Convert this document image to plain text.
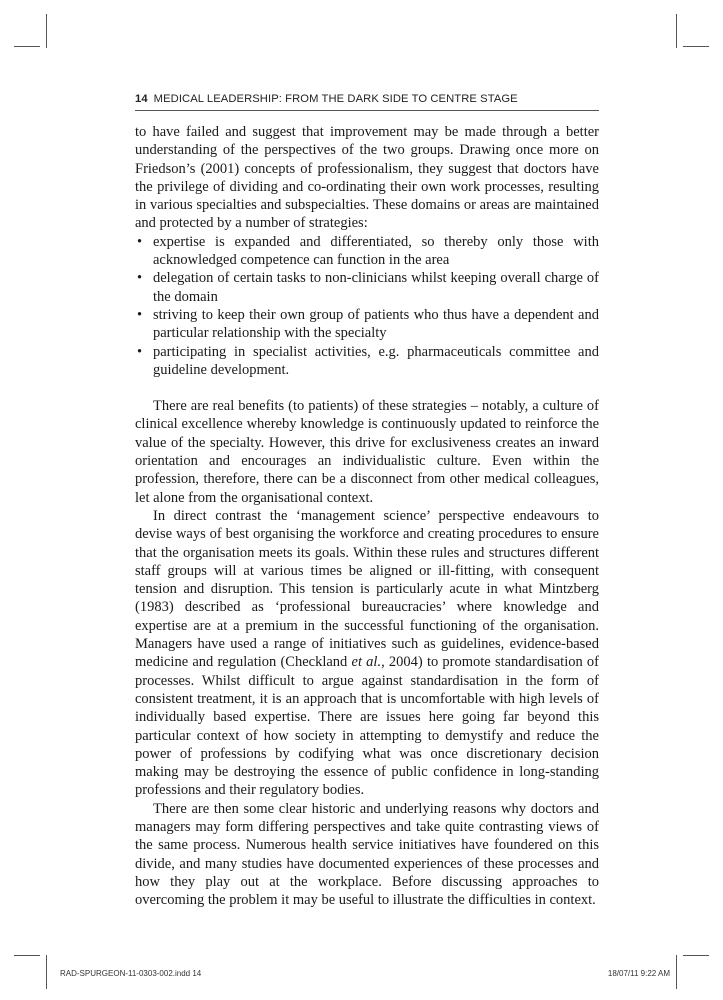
14 MEDICAL LEADERSHIP: FROM THE DARK SIDE TO CENTRE STAGE

to have failed and suggest that improvement may be made through a better understanding of the perspectives of the two groups. Drawing once more on Friedson’s (2001) concepts of professionalism, they suggest that doctors have the privilege of dividing and co-ordinating their own work processes, resulting in various specialties and subspecialties. These domains or areas are maintained and protected by a number of strategies:

• expertise is expanded and differentiated, so thereby only those with acknowledged competence can function in the area
• delegation of certain tasks to non-clinicians whilst keeping overall charge of the domain
• striving to keep their own group of patients who thus have a dependent and particular relationship with the specialty
• participating in specialist activities, e.g. pharmaceuticals committee and guideline development.

There are real benefits (to patients) of these strategies – notably, a culture of clinical excellence whereby knowledge is continuously updated to reinforce the value of the specialty. However, this drive for exclusiveness creates an inward orientation and encourages an individualistic culture. Even within the profession, therefore, there can be a disconnect from other medical colleagues, let alone from the organisational context.

In direct contrast the ‘management science’ perspective endeavours to devise ways of best organising the workforce and creating procedures to ensure that the organisation meets its goals. Within these rules and structures different staff groups will at various times be aligned or ill-fitting, with consequent tension and disruption. This tension is particularly acute in what Mintzberg (1983) described as ‘professional bureaucracies’ where knowledge and expertise are at a premium in the successful functioning of the organisation. Managers have used a range of initiatives such as guidelines, evidence-based medicine and regulation (Checkland et al., 2004) to promote standardisation of processes. Whilst difficult to argue against standardisation in the form of consistent treatment, it is an approach that is uncomfortable with high levels of individually based expertise. There are issues here going far beyond this particular context of how society in attempting to demystify and reduce the power of professions by codifying what was once discretionary decision making may be destroying the essence of public confidence in long-standing professions and their regulatory bodies.

There are then some clear historic and underlying reasons why doctors and managers may form differing perspectives and take quite contrasting views of the same process. Numerous health service initiatives have foundered on this divide, and many studies have documented experiences of these processes and how they play out at the workplace. Before discussing approaches to overcoming the problem it may be useful to illustrate the difficulties in context.

RAD-SPURGEON-11-0303-002.indd 14	18/07/11 9:22 AM
